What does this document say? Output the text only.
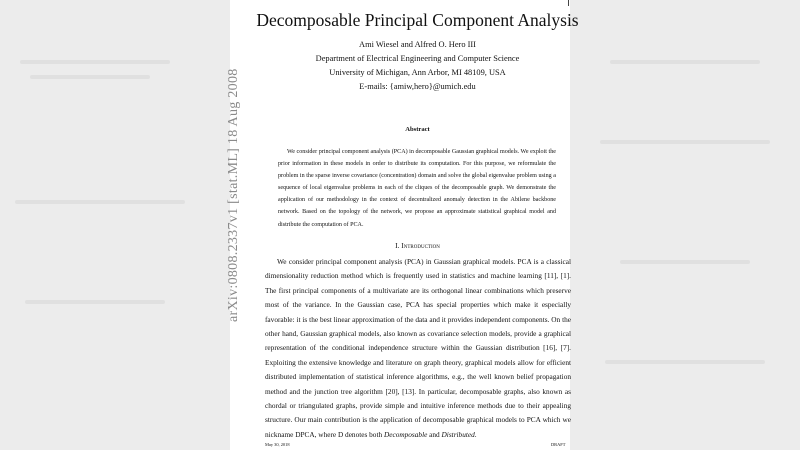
arXiv:0808.2337v1 [stat.ML] 18 Aug 2008
Decomposable Principal Component Analysis
Ami Wiesel and Alfred O. Hero III
Department of Electrical Engineering and Computer Science
University of Michigan, Ann Arbor, MI 48109, USA
E-mails: {amiw,hero}@umich.edu
Abstract
We consider principal component analysis (PCA) in decomposable Gaussian graphical models. We exploit the prior information in these models in order to distribute its computation. For this purpose, we reformulate the problem in the sparse inverse covariance (concentration) domain and solve the global eigenvalue problem using a sequence of local eigenvalue problems in each of the cliques of the decomposable graph. We demonstrate the application of our methodology in the context of decentralized anomaly detection in the Abilene backbone network. Based on the topology of the network, we propose an approximate statistical graphical model and distribute the computation of PCA.
I. Introduction
We consider principal component analysis (PCA) in Gaussian graphical models. PCA is a classical dimensionality reduction method which is frequently used in statistics and machine learning [11], [1]. The first principal components of a multivariate are its orthogonal linear combinations which preserve most of the variance. In the Gaussian case, PCA has special properties which make it especially favorable: it is the best linear approximation of the data and it provides independent components. On the other hand, Gaussian graphical models, also known as covariance selection models, provide a graphical representation of the conditional independence structure within the Gaussian distribution [16], [7]. Exploiting the extensive knowledge and literature on graph theory, graphical models allow for efficient distributed implementation of statistical inference algorithms, e.g., the well known belief propagation method and the junction tree algorithm [20], [13]. In particular, decomposable graphs, also known as chordal or triangulated graphs, provide simple and intuitive inference methods due to their appealing structure. Our main contribution is the application of decomposable graphical models to PCA which we nickname DPCA, where D denotes both Decomposable and Distributed.
May 30, 2018	DRAFT
